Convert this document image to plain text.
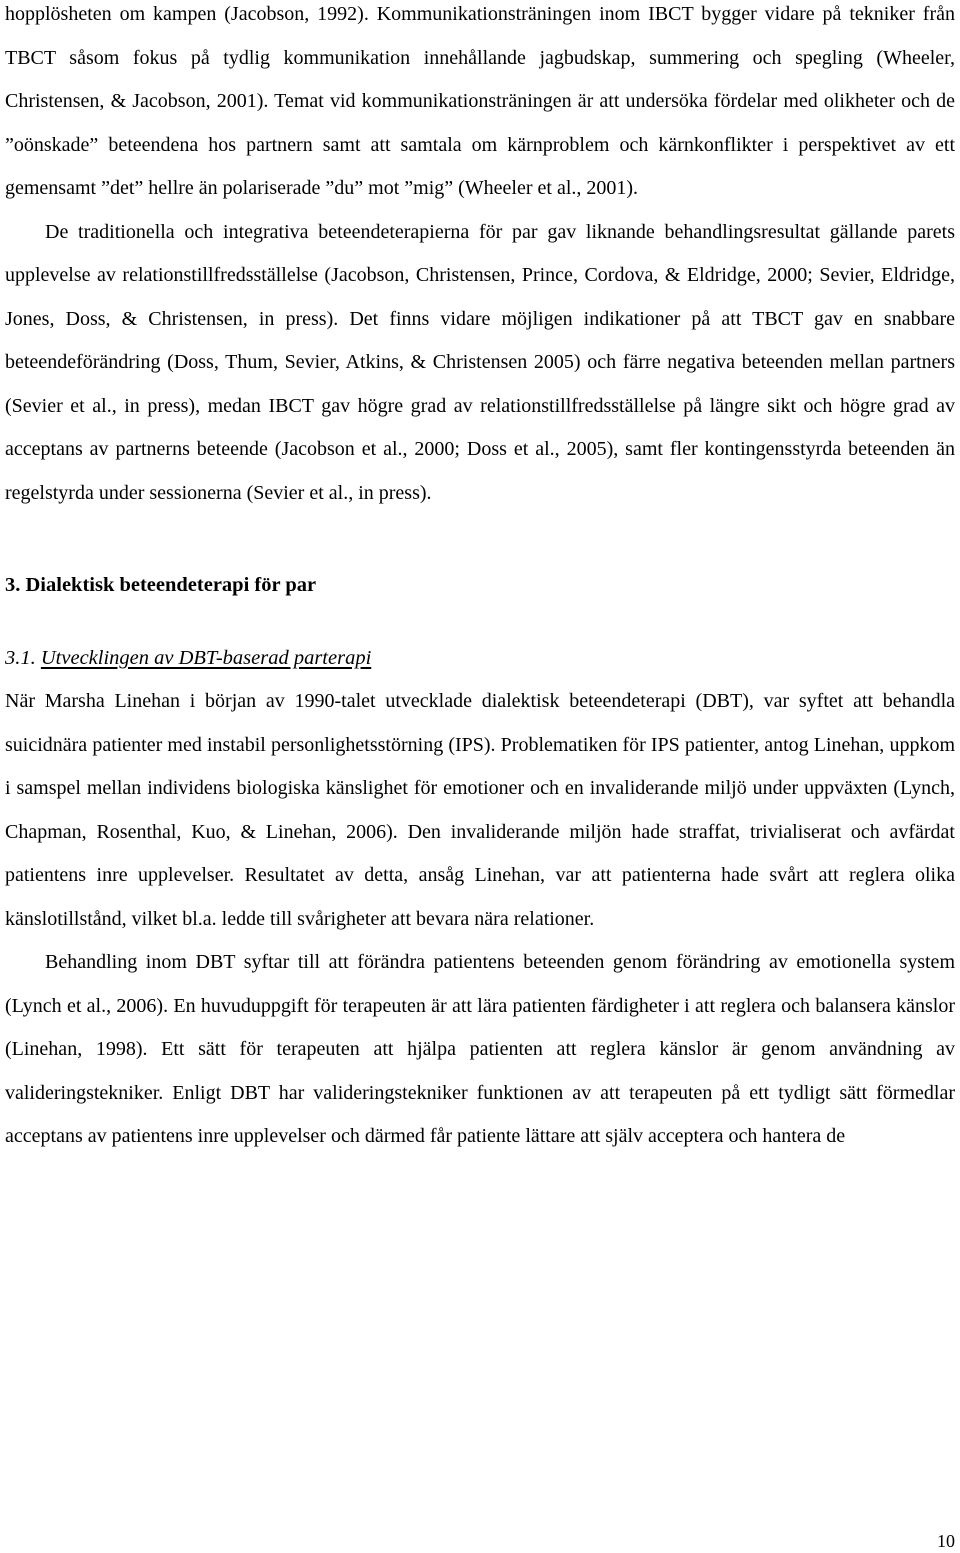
hopplösheten om kampen (Jacobson, 1992). Kommunikationsträningen inom IBCT bygger vidare på tekniker från TBCT såsom fokus på tydlig kommunikation innehållande jagbudskap, summering och spegling (Wheeler, Christensen, & Jacobson, 2001). Temat vid kommunikationsträningen är att undersöka fördelar med olikheter och de ”oönskade” beteendena hos partnern samt att samtala om kärnproblem och kärnkonflikter i perspektivet av ett gemensamt ”det” hellre än polariserade ”du” mot ”mig” (Wheeler et al., 2001).

De traditionella och integrativa beteendeterapierna för par gav liknande behandlingsresultat gällande parets upplevelse av relationstillfredsställelse (Jacobson, Christensen, Prince, Cordova, & Eldridge, 2000; Sevier, Eldridge, Jones, Doss, & Christensen, in press). Det finns vidare möjligen indikationer på att TBCT gav en snabbare beteendeförändring (Doss, Thum, Sevier, Atkins, & Christensen 2005) och färre negativa beteenden mellan partners (Sevier et al., in press), medan IBCT gav högre grad av relationstillfredsställelse på längre sikt och högre grad av acceptans av partnerns beteende (Jacobson et al., 2000; Doss et al., 2005), samt fler kontingensstyrda beteenden än regelstyrda under sessionerna (Sevier et al., in press).

3. Dialektisk beteendeterapi för par

3.1. Utvecklingen av DBT-baserad parterapi

När Marsha Linehan i början av 1990-talet utvecklade dialektisk beteendeterapi (DBT), var syftet att behandla suicidnära patienter med instabil personlighetsstörning (IPS). Problematiken för IPS patienter, antog Linehan, uppkom i samspel mellan individens biologiska känslighet för emotioner och en invaliderande miljö under uppväxten (Lynch, Chapman, Rosenthal, Kuo, & Linehan, 2006). Den invaliderande miljön hade straffat, trivialiserat och avfärdat patientens inre upplevelser. Resultatet av detta, ansåg Linehan, var att patienterna hade svårt att reglera olika känslotillstånd, vilket bl.a. ledde till svårigheter att bevara nära relationer.

Behandling inom DBT syftar till att förändra patientens beteenden genom förändring av emotionella system (Lynch et al., 2006). En huvuduppgift för terapeuten är att lära patienten färdigheter i att reglera och balansera känslor (Linehan, 1998). Ett sätt för terapeuten att hjälpa patienten att reglera känslor är genom användning av valideringstekniker. Enligt DBT har valideringstekniker funktionen av att terapeuten på ett tydligt sätt förmedlar acceptans av patientens inre upplevelser och därmed får patiente lättare att själv acceptera och hantera de

10
